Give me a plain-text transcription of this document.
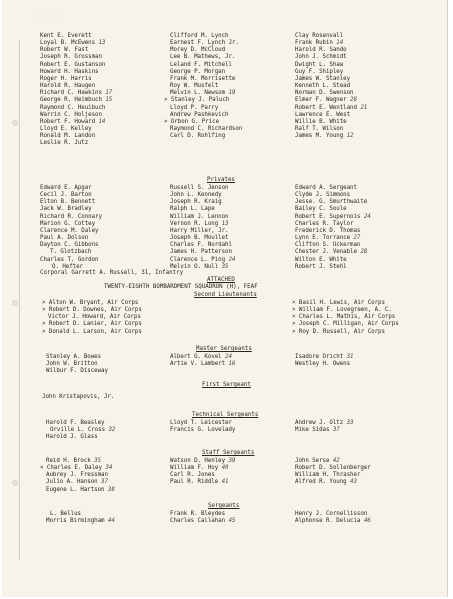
· ·· ·
Kent E. Everett
Loyal B. McEwens 13
Robert W. Fast
Joseph R. Grossman
Robert E. Gustanson
Howard H. Haskins
Roger H. Harris
Harold R. Haugen
Richard C. Hawkins 17
George R. Heimbuch 15
Raymond C. Heuibuch
Warrin C. Holjeson
Robert F. Howard 14
Lloyd E. Kelley
Ronald M. Landon
Leslie R. Jutz
Clifford M. Lynch
Earnest F. Lynch Jr.
Morey D. McCloud
Lee B. Mathews, Jr.
Leland F. Mitchell
George P. Morgan
Frank M. Morrisette
Roy W. Musfelt
Melvin L. Newsom 19
× Stanley J. Paluch
Lloyd P. Parry
Andrew Pashkevich
× Orbon G. Price
Raymond C. Richardson
Carl D. Rohlfing
Clay Rosenvall
Frank Rubin 14
Harold R. Sando
John J. Schmidt
Dwight L. Shaw
Guy F. Shipley
James W. Stanley
Kenneth L. Stead
Norman D. Swenson
Elmer F. Wagner 28
Robert E. Wentland 21
Lawrence E. West
Willie B. White
Ralf T. Wilson
James M. Young 12
Privates
Edward E. Apgar
Cecil J. Barton
Elton B. Bennett
Jack W. Bradley
Richard R. Connary
Marion G. Cottey
Clarence M. Daley
Paul A. Dolson
Dayton C. Gibbons
T. Glotzbach
Charles T. Gordon
O. Hefter
Russell S. Jenson
John L. Kennedy
Joseph R. Kraig
Ralph L. Lape
William J. Lennon
Vernon R. Long 13
Harry Miller, Jr.
Joseph B. Moullet
Charles F. Nordahl
James H. Patterson
Clarence L. Ping 24
Melvin O. Null 35
Edward A. Sergeant
Clyde J. Simmons
Jesse. G. Smurthwaite
Bailey C. Soule
Robert E. Supernois 24
Charles R. Taylor
Frederick D. Thomas
Lynn E. Torrance 27
Clifton S. Uckerman
Chester J. Venable 28
Wilton E. White
Robert J. Stehl
Corporal Garrett A. Russell, 31, Infantry
ATTACHED
TWENTY-EIGHTH BOMBARDMENT SQUADRON (H), FEAF
Second Lieutenants
× Alton W. Bryant, Air Corps
× Robert D. Downes, Air Corps
Victor J. Howard, Air Corps
× Robert D. Lanier, Air Corps
× Donald L. Larson, Air Corps
× Basil H. Lewis, Air Corps
× William F. Lovegreen, A. C.
× Charles L. Mathis, Air Corps
× Joseph C. Milligan, Air Corps
× Roy D. Russell, Air Corps
Master Sergeants
Stanley A. Bowes
John W. Britton
Wilbur F. Disceway
Albert G. Kovel 24
Artie V. Lambert 16
Isadore Oricht 31
Westley H. Owens
First Sergeant
John Kristapovis, Jr.
Technical Sergeants
Harold F. Beasley
Orville L. Cross 32
Harold J. Glass
Lloyd T. Leicester
Francis G. Lovelady
Andrew J. Oltz 33
Mike Sidas 37
Staff Sergeants
Reid H. Brock 35
× Charles E. Daley 34
Aubrey J. Fressman
Julio A. Hanson 37
Eugene L. Hartson 38
Watson D. Henley 39
William F. Hoy 40
Carl R. Jones
Paul R. Riddle 41
John Serse 42
Robert D. Sollenberger
William H. Thrasher
Alfred R. Young 43
Sergeants
L. Bellus
Morris Birmingham 44
Frank R. Bleydes
Charles Callahan 45
Henry J. Cornellisson
Alphonse R. Delucia 46
